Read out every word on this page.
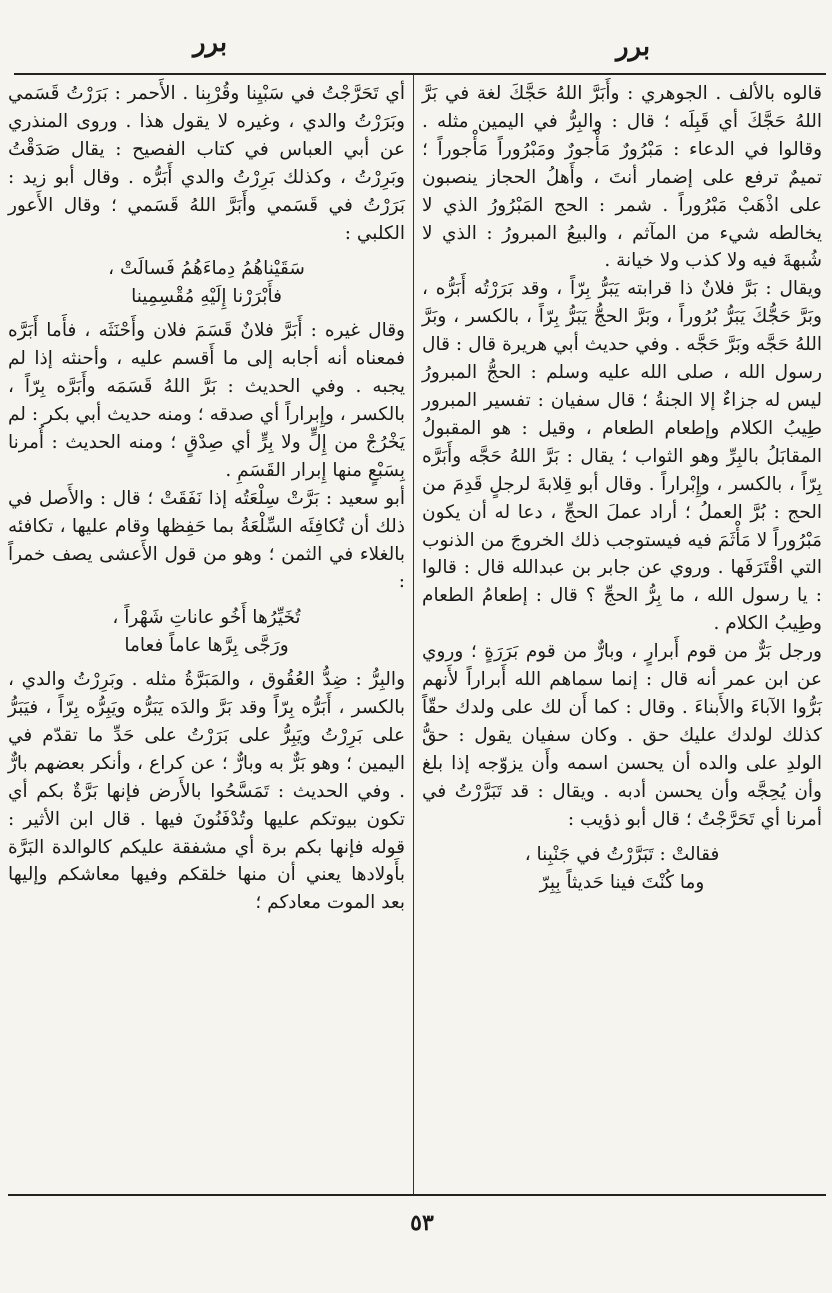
برر	برر

قالوه بالألف . الجوهري : وأَبَرَّ اللهُ حَجَّكَ لغة في بَرَّ اللهُ حَجَّكَ أي قَبِلَه ؛ قال : والبِرُّ في اليمين مثله . وقالوا في الدعاء : مَبْرُورٌ مَأْجورٌ ومَبْرُوراً مَأْجوراً ؛ تميمٌ ترفع على إضمار أنتَ ، وأَهلُ الحجاز ينصبون على اذْهَبْ مَبْرُوراً . شمر : الحج المَبْرُورُ الذي لا يخالطه شيء من المآثم ، والبيعُ المبرورُ : الذي لا شُبهةَ فيه ولا كذب ولا خيانة .

ويقال : بَرَّ فلانٌ ذا قرابته يَبَرُّ بِرّاً ، وقد بَرَرْتُه أَبَرُّه ، وبَرَّ حَجُّكَ يَبَرُّ بُرُوراً ، وبَرَّ الحجُّ يَبَرُّ بِرّاً ، بالكسر ، وبَرَّ اللهُ حَجَّه وبَرَّ حَجَّه . وفي حديث أبي هريرة قال : قال رسول الله ، صلى الله عليه وسلم : الحجُّ المبرورُ ليس له جزاءٌ إلا الجنةُ ؛ قال سفيان : تفسير المبرور طِيبُ الكلام وإطعام الطعام ، وقيل : هو المقبولُ المقابَلُ بالبِرِّ وهو الثواب ؛ يقال : بَرَّ اللهُ حَجَّه وأَبَرَّه بِرّاً ، بالكسر ، وإِبْراراً . وقال أبو قِلابةَ لرجلٍ قَدِمَ من الحج : بُرَّ العملُ ؛ أراد عملَ الحجِّ ، دعا له أن يكون مَبْرُوراً لا مَأْثَمَ فيه فيستوجب ذلك الخروجَ من الذنوب التي اقْتَرَفَها . وروي عن جابر بن عبدالله قال : قالوا : يا رسول الله ، ما بِرُّ الحجِّ ؟ قال : إطعامُ الطعام وطِيبُ الكلام .

ورجل بَرٌّ من قوم أَبرارٍ ، وبارٌّ من قوم بَرَرَةٍ ؛ وروي عن ابن عمر أنه قال : إنما سماهم الله أَبراراً لأَنهم بَرُّوا الآباءَ والأَبناءَ . وقال : كما أَن لك على ولدك حقّاً كذلك لولدك عليك حق . وكان سفيان يقول : حقُّ الولدِ على والده أن يحسن اسمه وأَن يزوّجه إذا بلغ وأن يُحِجَّه وأن يحسن أدبه . ويقال : قد تَبَرَّرْتُ في أمرنا أي تَحَرَّجْتُ ؛ قال أبو ذؤيب :

فقالتْ : تَبَرَّرْتُ في جَنْبِنا ،
وما كُنْتَ فينا حَديثاً بِبِرّ

أي تَحَرَّجْتُ في سَبْيِنا وقُرْبِنا . الأَحمر : بَرَرْتُ قَسَمي وبَرَرْتُ والدي ، وغيره لا يقول هذا . وروى المنذري عن أبي العباس في كتاب الفصيح : يقال صَدَقْتُ وبَرِرْتُ ، وكذلك بَرِرْتُ والدي أَبَرُّه . وقال أبو زيد : بَرَرْتُ في قَسَمي وأَبَرَّ اللهُ قَسَمي ؛ وقال الأَعور الكلبي :

سَقَيْناهُمُ دِماءَهُمُ فَسالَتْ ،
فأَبْرَرْنا إِلَيْهِ مُقْسِمِينا

وقال غيره : أَبَرَّ فلانٌ قَسَمَ فلان وأَحْنَثَه ، فأَما أَبَرَّه فمعناه أنه أجابه إلى ما أَقسم عليه ، وأحنثه إذا لم يجبه . وفي الحديث : بَرَّ اللهُ قَسَمَه وأَبَرَّه بِرّاً ، بالكسر ، وإِبراراً أي صدقه ؛ ومنه حديث أبي بكر : لم يَخْرُجْ من إِلٍّ ولا بِرٍّ أي صِدْقٍ ؛ ومنه الحديث : أُمرنا بِسَبْعٍ منها إِبرار القَسَمِ .

أبو سعيد : بَرَّتْ سِلْعَتُه إذا نَفَقَتْ ؛ قال : والأَصل في ذلك أن تُكافِئَه السِّلْعَةُ بما حَفِظها وقام عليها ، تكافئه بالغلاء في الثمن ؛ وهو من قول الأَعشى يصف خمراً :

تُخَيِّرُها أَخُو عاناتِ شَهْراً ،
ورَجَّى بِرَّها عاماً فعاما

والبِرُّ : ضِدُّ العُقُوق ، والمَبَرَّةُ مثله . وبَرِرْتُ والدي ، بالكسر ، أَبَرُّه بِرّاً وقد بَرَّ والدَه يَبَرُّه ويَبِرُّه بِرّاً ، فيَبَرُّ على بَرِرْتُ ويَبِرُّ على بَرَرْتُ على حَدِّ ما تقدّم في اليمين ؛ وهو بَرٌّ به وبارٌّ ؛ عن كراع ، وأنكر بعضهم بارٌّ . وفي الحديث : تَمَسَّحُوا بالأَرض فإنها بَرَّةٌ بكم أي تكون بيوتكم عليها وتُدْفَنُونَ فيها . قال ابن الأثير : قوله فإنها بكم برة أي مشفقة عليكم كالوالدة البَرَّة بأَولادها يعني أن منها خلقكم وفيها معاشكم وإليها بعد الموت معادكم ؛

٥٣
